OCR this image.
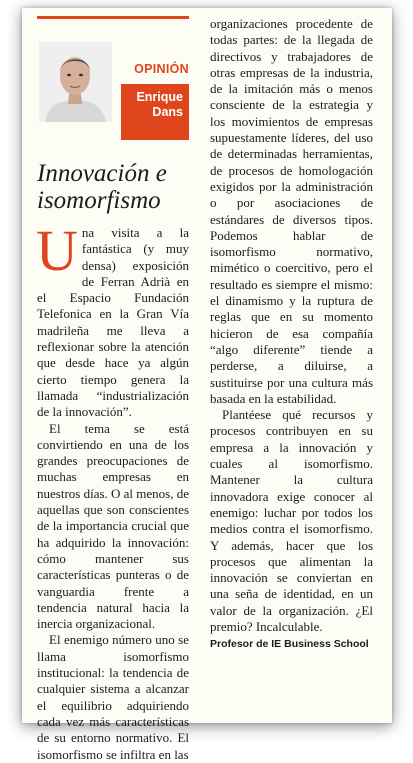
OPINIÓN
Enrique
Dans
Innovación e
isomorfismo

Una visita a la fantástica (y muy densa) exposición de Ferran Adrià en el Espacio Fundación Telefonica en la Gran Vía madrileña me lleva a reflexionar sobre la atención que desde hace ya algún cierto tiempo genera la llamada “industrialización de la innovación”.

El tema se está convirtiendo en una de los grandes preocupaciones de muchas empresas en nuestros días. O al menos, de aquellas que son conscientes de la importancia crucial que ha adquirido la innovación: cómo mantener sus características punteras o de vanguardia frente a tendencia natural hacia la inercia organizacional.

El enemigo número uno se llama isomorfismo institucional: la tendencia de cualquier sistema a alcanzar el equilibrio adquiriendo cada vez más características de su entorno normativo. El isomorfismo se infiltra en las

organizaciones procedente de todas partes: de la llegada de directivos y trabajadores de otras empresas de la industria, de la imitación más o menos consciente de la estrategia y los movimientos de empresas supuestamente líderes, del uso de determinadas herramientas, de procesos de homologación exigidos por la administración o por asociaciones de estándares de diversos tipos. Podemos hablar de isomorfismo normativo, mimético o coercitivo, pero el resultado es siempre el mismo: el dinamismo y la ruptura de reglas que en su momento hicieron de esa compañía “algo diferente” tiende a perderse, a diluirse, a sustituirse por una cultura más basada en la estabilidad.

Plantéese qué recursos y procesos contribuyen en su empresa a la innovación y cuales al isomorfismo. Mantener la cultura innovadora exige conocer al enemigo: luchar por todos los medios contra el isomorfismo. Y además, hacer que los procesos que alimentan la innovación se conviertan en una seña de identidad, en un valor de la organización. ¿El premio? Incalculable.

Profesor de IE Business School
